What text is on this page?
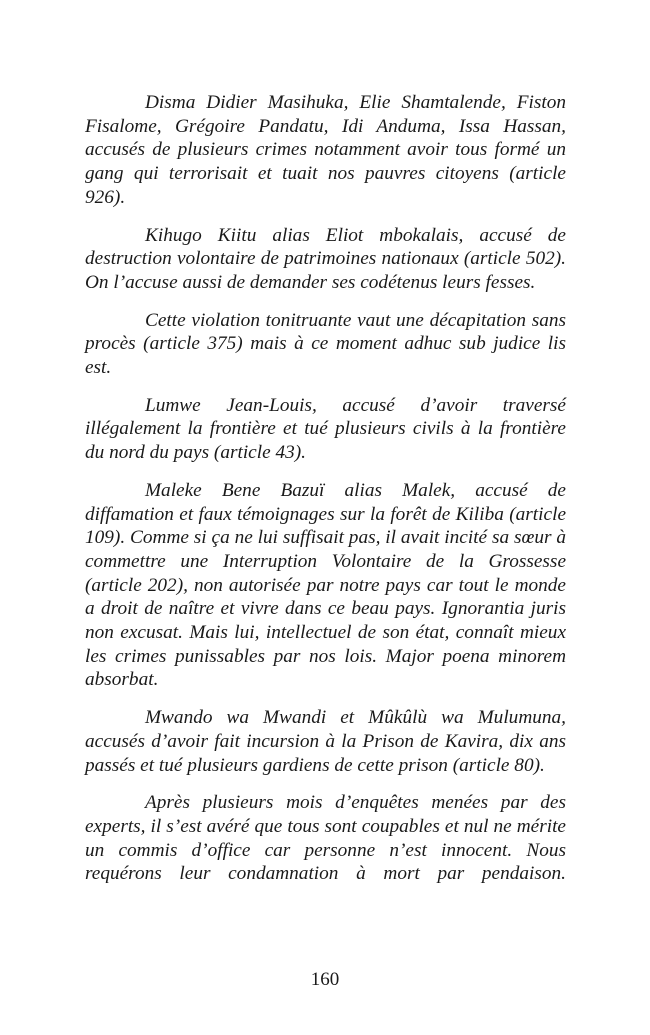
Disma Didier Masihuka, Elie Shamtalende, Fiston Fisalome, Grégoire Pandatu, Idi Anduma, Issa Hassan, accusés de plusieurs crimes notamment avoir tous formé un gang qui terrorisait et tuait nos pauvres citoyens (article 926).

Kihugo Kiitu alias Eliot mbokalais, accusé de destruction volontaire de patrimoines nationaux (article 502). On l’accuse aussi de demander ses codétenus leurs fesses.

Cette violation tonitruante vaut une décapitation sans procès (article 375) mais à ce moment adhuc sub judice lis est.

Lumwe Jean-Louis, accusé d’avoir traversé illégalement la frontière et tué plusieurs civils à la frontière du nord du pays (article 43).

Maleke Bene Bazuï alias Malek, accusé de diffamation et faux témoignages sur la forêt de Kiliba (article 109). Comme si ça ne lui suffisait pas, il avait incité sa sœur à commettre une Interruption Volontaire de la Grossesse (article 202), non autorisée par notre pays car tout le monde a droit de naître et vivre dans ce beau pays. Ignorantia juris non excusat. Mais lui, intellectuel de son état, connaît mieux les crimes punissables par nos lois. Major poena minorem absorbat.

Mwando wa Mwandi et Mûkûlù wa Mulumuna, accusés d’avoir fait incursion à la Prison de Kavira, dix ans passés et tué plusieurs gardiens de cette prison (article 80).

Après plusieurs mois d’enquêtes menées par des experts, il s’est avéré que tous sont coupables et nul ne mérite un commis d’office car personne n’est innocent. Nous requérons leur condamnation à mort par pendaison.

160
